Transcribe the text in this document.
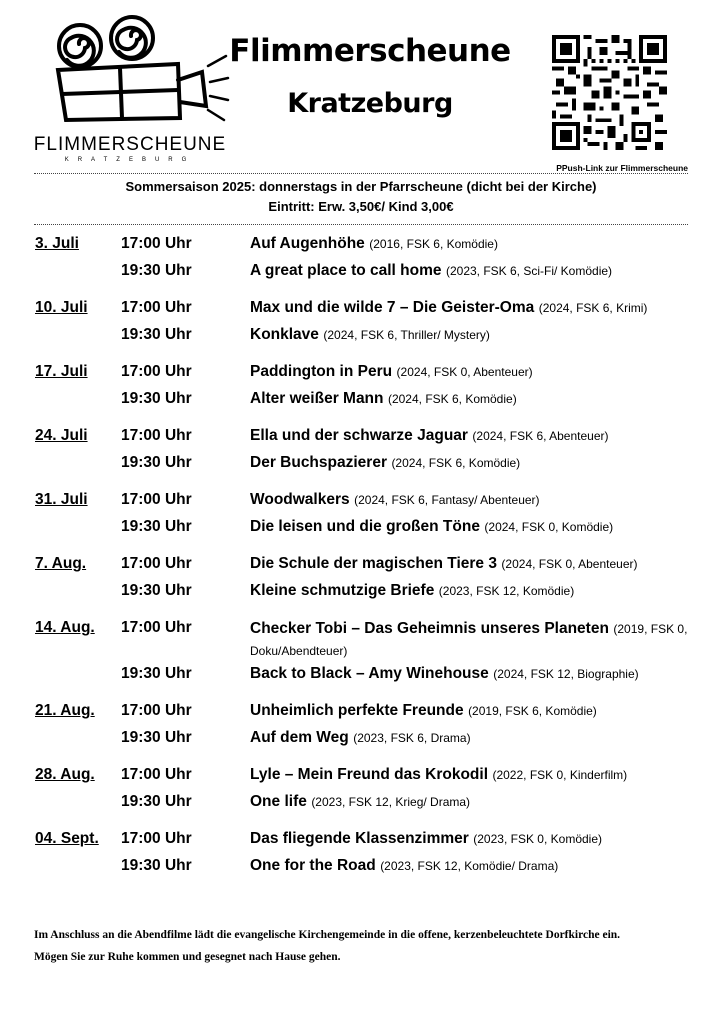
FLIMMERSCHEUNE
KRATZEBURG
Flimmerscheune
Kratzeburg
PPush-Link zur Flimmerscheune
Sommersaison 2025: donnerstags in der Pfarrscheune (dicht bei der Kirche)
Eintritt: Erw. 3,50€/ Kind 3,00€
3. Juli	17:00 Uhr	Auf Augenhöhe (2016, FSK 6, Komödie)
19:30 Uhr	A great place to call home (2023, FSK 6, Sci-Fi/ Komödie)
10. Juli	17:00 Uhr	Max und die wilde 7 – Die Geister-Oma (2024, FSK 6, Krimi)
19:30 Uhr	Konklave (2024, FSK 6, Thriller/ Mystery)
17. Juli	17:00 Uhr	Paddington in Peru (2024, FSK 0, Abenteuer)
19:30 Uhr	Alter weißer Mann (2024, FSK 6, Komödie)
24. Juli	17:00 Uhr	Ella und der schwarze Jaguar (2024, FSK 6, Abenteuer)
19:30 Uhr	Der Buchspazierer (2024, FSK 6, Komödie)
31. Juli	17:00 Uhr	Woodwalkers (2024, FSK 6, Fantasy/ Abenteuer)
19:30 Uhr	Die leisen und die großen Töne (2024, FSK 0, Komödie)
7. Aug.	17:00 Uhr	Die Schule der magischen Tiere 3 (2024, FSK 0, Abenteuer)
19:30 Uhr	Kleine schmutzige Briefe (2023, FSK 12, Komödie)
14. Aug.	17:00 Uhr	Checker Tobi – Das Geheimnis unseres Planeten (2019, FSK 0, Doku/Abendteuer)
19:30 Uhr	Back to Black – Amy Winehouse (2024, FSK 12, Biographie)
21. Aug.	17:00 Uhr	Unheimlich perfekte Freunde (2019, FSK 6, Komödie)
19:30 Uhr	Auf dem Weg (2023, FSK 6, Drama)
28. Aug.	17:00 Uhr	Lyle – Mein Freund das Krokodil (2022, FSK 0, Kinderfilm)
19:30 Uhr	One life (2023, FSK 12, Krieg/ Drama)
04. Sept.	17:00 Uhr	Das fliegende Klassenzimmer (2023, FSK 0, Komödie)
19:30 Uhr	One for the Road (2023, FSK 12, Komödie/ Drama)
Im Anschluss an die Abendfilme lädt die evangelische Kirchengemeinde in die offene, kerzenbeleuchtete Dorfkirche ein.
Mögen Sie zur Ruhe kommen und gesegnet nach Hause gehen.
